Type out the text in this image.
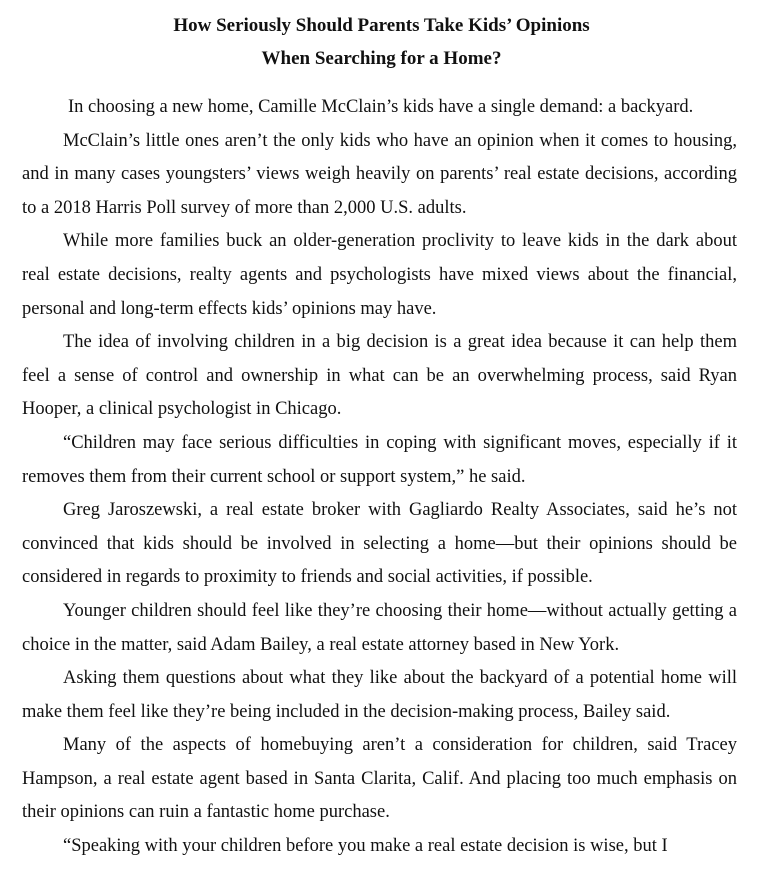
How Seriously Should Parents Take Kids’ Opinions
When Searching for a Home?

In choosing a new home, Camille McClain’s kids have a single demand: a backyard.

McClain’s little ones aren’t the only kids who have an opinion when it comes to housing, and in many cases youngsters’ views weigh heavily on parents’ real estate decisions, according to a 2018 Harris Poll survey of more than 2,000 U.S. adults.

While more families buck an older-generation proclivity to leave kids in the dark about real estate decisions, realty agents and psychologists have mixed views about the financial, personal and long-term effects kids’ opinions may have.

The idea of involving children in a big decision is a great idea because it can help them feel a sense of control and ownership in what can be an overwhelming process, said Ryan Hooper, a clinical psychologist in Chicago.

“Children may face serious difficulties in coping with significant moves, especially if it removes them from their current school or support system,” he said.

Greg Jaroszewski, a real estate broker with Gagliardo Realty Associates, said he’s not convinced that kids should be involved in selecting a home—but their opinions should be considered in regards to proximity to friends and social activities, if possible.

Younger children should feel like they’re choosing their home—without actually getting a choice in the matter, said Adam Bailey, a real estate attorney based in New York.

Asking them questions about what they like about the backyard of a potential home will make them feel like they’re being included in the decision-making process, Bailey said.

Many of the aspects of homebuying aren’t a consideration for children, said Tracey Hampson, a real estate agent based in Santa Clarita, Calif. And placing too much emphasis on their opinions can ruin a fantastic home purchase.

“Speaking with your children before you make a real estate decision is wise, but I
